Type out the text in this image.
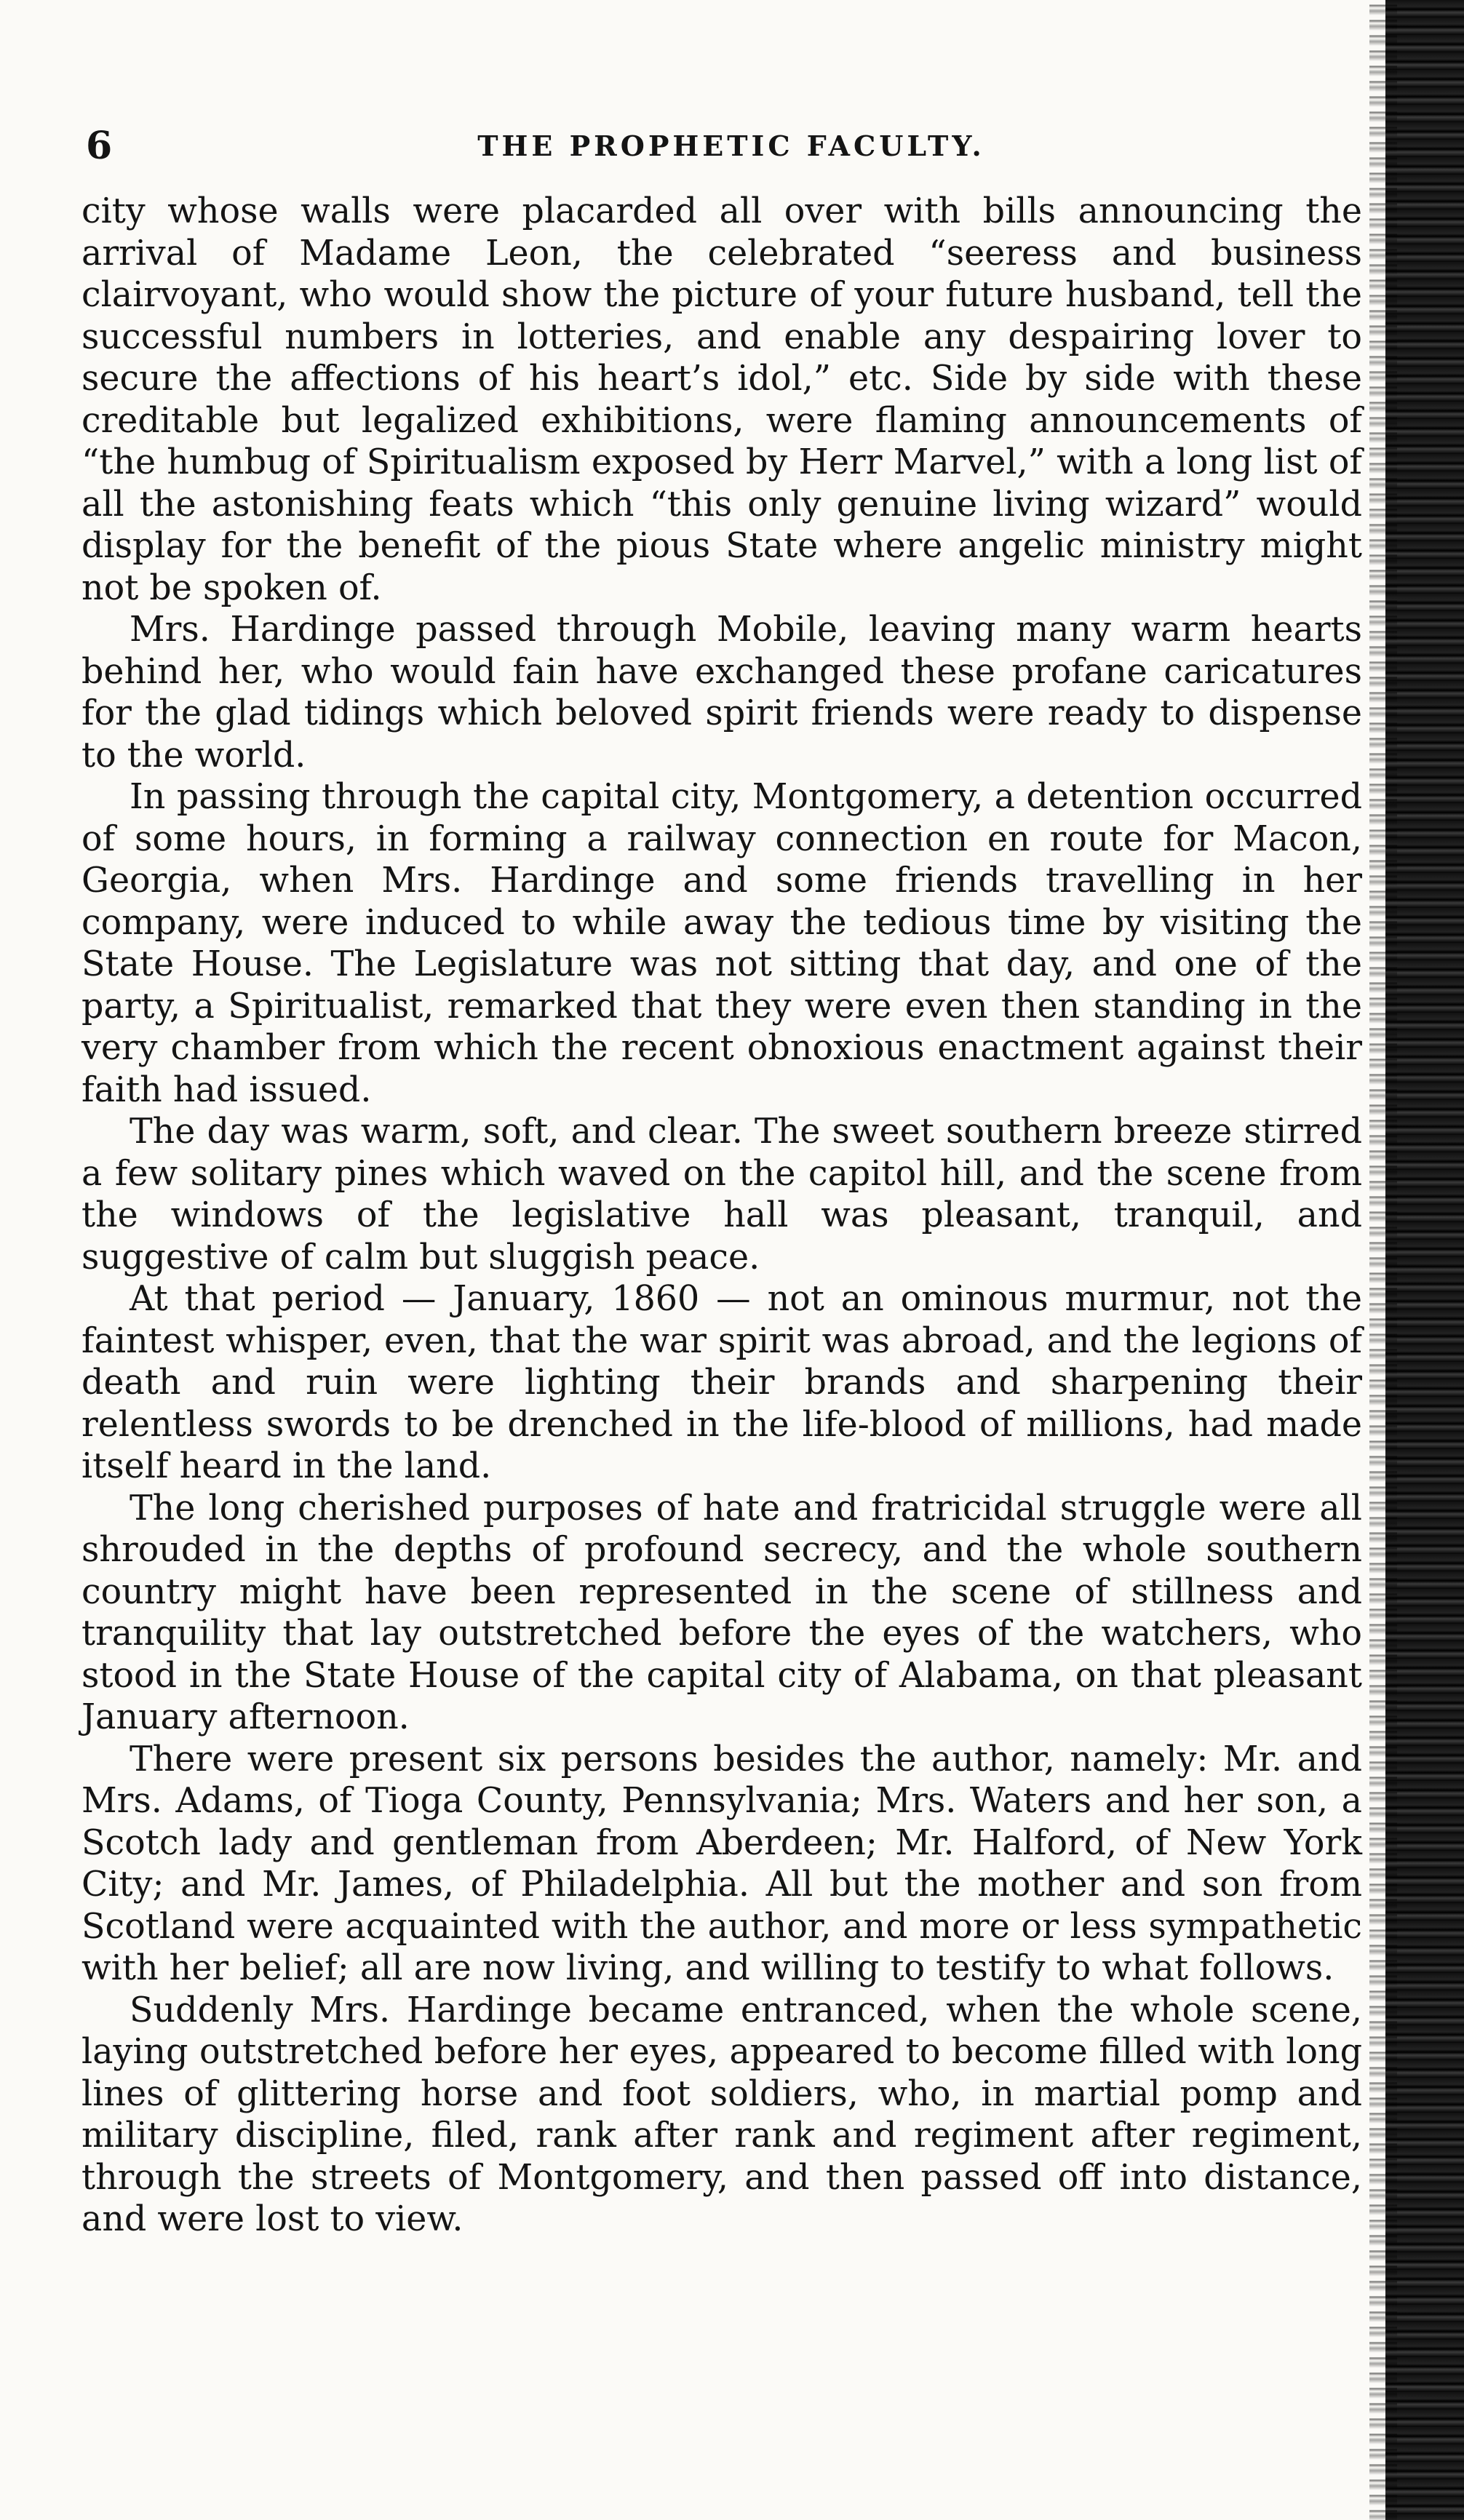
6	THE PROPHETIC FACULTY.

city whose walls were placarded all over with bills announcing the arrival of Madame Leon, the celebrated “seeress and business clairvoyant, who would show the picture of your future husband, tell the successful numbers in lotteries, and enable any despairing lover to secure the affections of his heart’s idol,” etc. Side by side with these creditable but legalized exhibitions, were flaming announcements of “the humbug of Spiritualism exposed by Herr Marvel,” with a long list of all the astonishing feats which “this only genuine living wizard” would display for the benefit of the pious State where angelic ministry might not be spoken of.

Mrs. Hardinge passed through Mobile, leaving many warm hearts behind her, who would fain have exchanged these profane caricatures for the glad tidings which beloved spirit friends were ready to dispense to the world.

In passing through the capital city, Montgomery, a detention occurred of some hours, in forming a railway connection en route for Macon, Georgia, when Mrs. Hardinge and some friends travelling in her company, were induced to while away the tedious time by visiting the State House. The Legislature was not sitting that day, and one of the party, a Spiritualist, remarked that they were even then standing in the very chamber from which the recent obnoxious enactment against their faith had issued.

The day was warm, soft, and clear. The sweet southern breeze stirred a few solitary pines which waved on the capitol hill, and the scene from the windows of the legislative hall was pleasant, tranquil, and suggestive of calm but sluggish peace.

At that period — January, 1860 — not an ominous murmur, not the faintest whisper, even, that the war spirit was abroad, and the legions of death and ruin were lighting their brands and sharpening their relentless swords to be drenched in the life-blood of millions, had made itself heard in the land.

The long cherished purposes of hate and fratricidal struggle were all shrouded in the depths of profound secrecy, and the whole southern country might have been represented in the scene of stillness and tranquility that lay outstretched before the eyes of the watchers, who stood in the State House of the capital city of Alabama, on that pleasant January afternoon.

There were present six persons besides the author, namely: Mr. and Mrs. Adams, of Tioga County, Pennsylvania; Mrs. Waters and her son, a Scotch lady and gentleman from Aberdeen; Mr. Halford, of New York City; and Mr. James, of Philadelphia. All but the mother and son from Scotland were acquainted with the author, and more or less sympathetic with her belief; all are now living, and willing to testify to what follows.

Suddenly Mrs. Hardinge became entranced, when the whole scene, laying outstretched before her eyes, appeared to become filled with long lines of glittering horse and foot soldiers, who, in martial pomp and military discipline, filed, rank after rank and regiment after regiment, through the streets of Montgomery, and then passed off into distance, and were lost to view.
